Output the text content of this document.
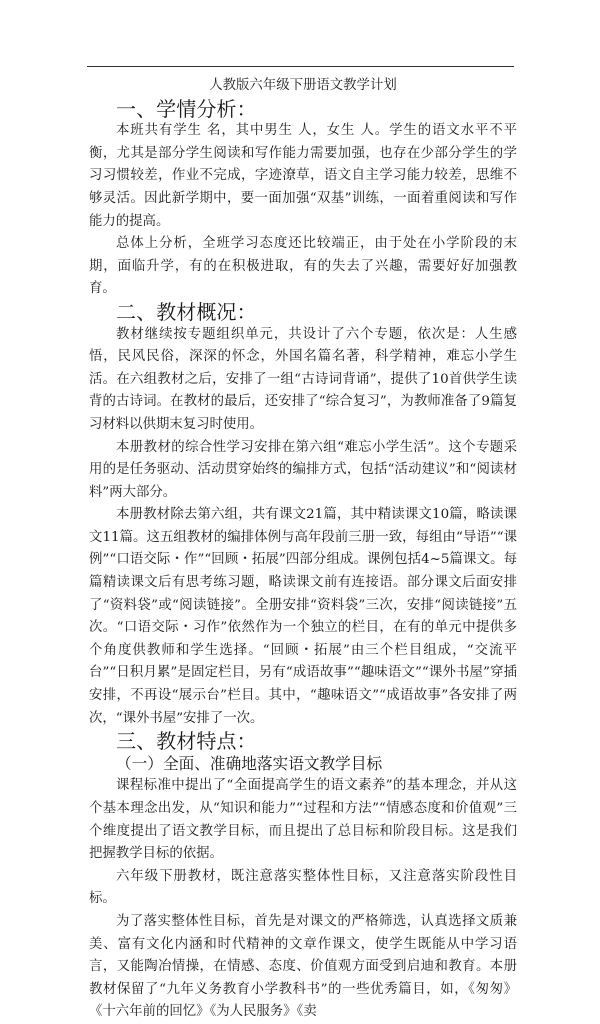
人教版六年级下册语文教学计划
一、学情分析：

本班共有学生 名，其中男生 人，女生 人。学生的语文水平不平衡，尤其是部分学生阅读和写作能力需要加强，也存在少部分学生的学习习惯较差，作业不完成，字迹潦草，语文自主学习能力较差，思维不够灵活。因此新学期中，要一面加强“双基”训练，一面着重阅读和写作能力的提高。

总体上分析，全班学习态度还比较端正，由于处在小学阶段的末期，面临升学，有的在积极进取，有的失去了兴趣，需要好好加强教育。

二、教材概况：

教材继续按专题组织单元，共设计了六个专题，依次是：人生感悟，民风民俗，深深的怀念，外国名篇名著，科学精神，难忘小学生活。在六组教材之后，安排了一组“古诗词背诵”，提供了10首供学生读背的古诗词。在教材的最后，还安排了“综合复习”，为教师准备了9篇复习材料以供期末复习时使用。

本册教材的综合性学习安排在第六组“难忘小学生活”。这个专题采用的是任务驱动、活动贯穿始终的编排方式，包括“活动建议”和“阅读材料”两大部分。

本册教材除去第六组，共有课文21篇，其中精读课文10篇，略读课文11篇。这五组教材的编排体例与高年段前三册一致，每组由“导语”“课例”“口语交际・作”“回顾・拓展”四部分组成。课例包括4~5篇课文。每篇精读课文后有思考练习题，略读课文前有连接语。部分课文后面安排了“资料袋”或“阅读链接”。全册安排“资料袋”三次，安排“阅读链接”五次。“口语交际・习作”依然作为一个独立的栏目，在有的单元中提供多个角度供教师和学生选择。“回顾・拓展”由三个栏目组成，“交流平台”“日积月累”是固定栏目，另有“成语故事”“趣味语文”“课外书屋”穿插安排，不再设“展示台”栏目。其中，“趣味语文”“成语故事”各安排了两次，“课外书屋”安排了一次。

三、教材特点：
（一）全面、准确地落实语文教学目标

课程标准中提出了“全面提高学生的语文素养”的基本理念，并从这个基本理念出发，从“知识和能力”“过程和方法”“情感态度和价值观”三个维度提出了语文教学目标，而且提出了总目标和阶段目标。这是我们把握教学目标的依据。

六年级下册教材，既注意落实整体性目标，又注意落实阶段性目标。

为了落实整体性目标，首先是对课文的严格筛选，认真选择文质兼美、富有文化内涵和时代精神的文章作课文，使学生既能从中学习语言，又能陶冶情操，在情感、态度、价值观方面受到启迪和教育。本册教材保留了“九年义务教育小学教科书”的一些优秀篇目，如，《匆匆》《十六年前的回忆》《为人民服务》《卖
